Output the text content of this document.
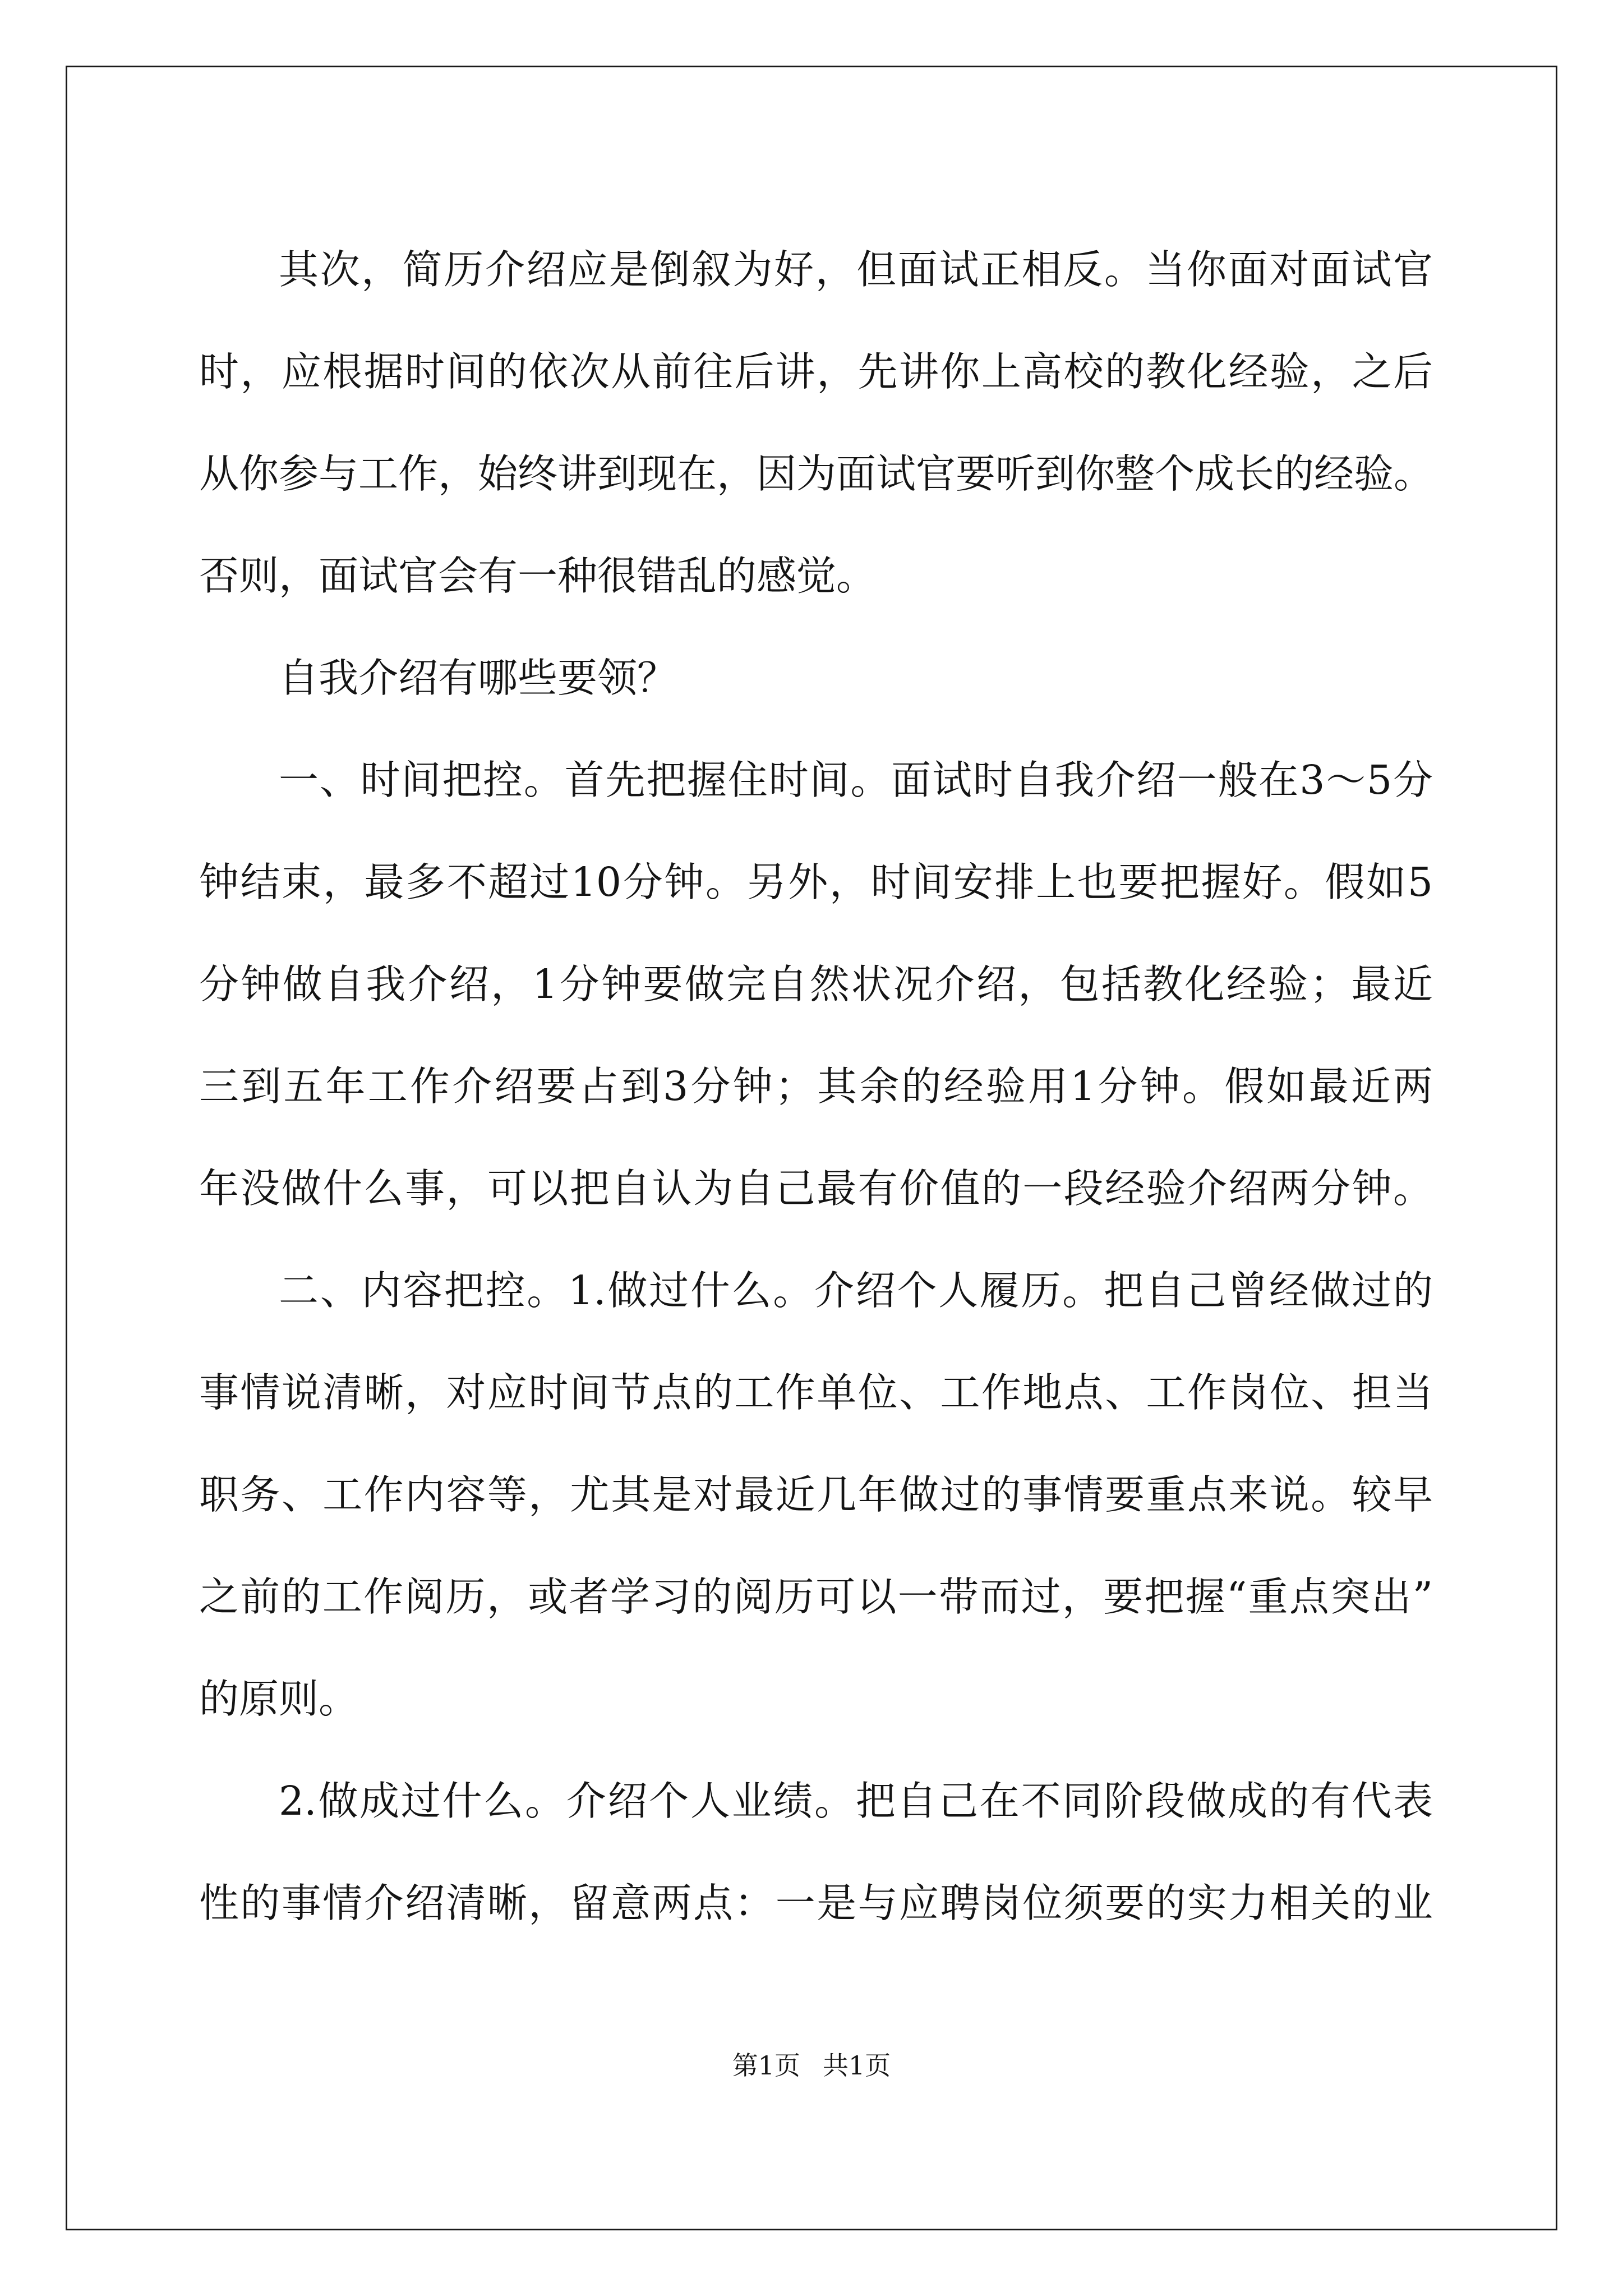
其次，简历介绍应是倒叙为好，但面试正相反。当你面对面试官
时，应根据时间的依次从前往后讲，先讲你上高校的教化经验，之后
从你参与工作，始终讲到现在，因为面试官要听到你整个成长的经验。
否则，面试官会有一种很错乱的感觉。
自我介绍有哪些要领？
一、时间把控。首先把握住时间。面试时自我介绍一般在3～5分
钟结束，最多不超过10分钟。另外，时间安排上也要把握好。假如5
分钟做自我介绍，1分钟要做完自然状况介绍，包括教化经验；最近
三到五年工作介绍要占到3分钟；其余的经验用1分钟。假如最近两
年没做什么事，可以把自认为自己最有价值的一段经验介绍两分钟。
二、内容把控。1.做过什么。介绍个人履历。把自己曾经做过的
事情说清晰，对应时间节点的工作单位、工作地点、工作岗位、担当
职务、工作内容等，尤其是对最近几年做过的事情要重点来说。较早
之前的工作阅历，或者学习的阅历可以一带而过，要把握“重点突出”
的原则。
2.做成过什么。介绍个人业绩。把自己在不同阶段做成的有代表
性的事情介绍清晰，留意两点：一是与应聘岗位须要的实力相关的业
第1页 共1页
